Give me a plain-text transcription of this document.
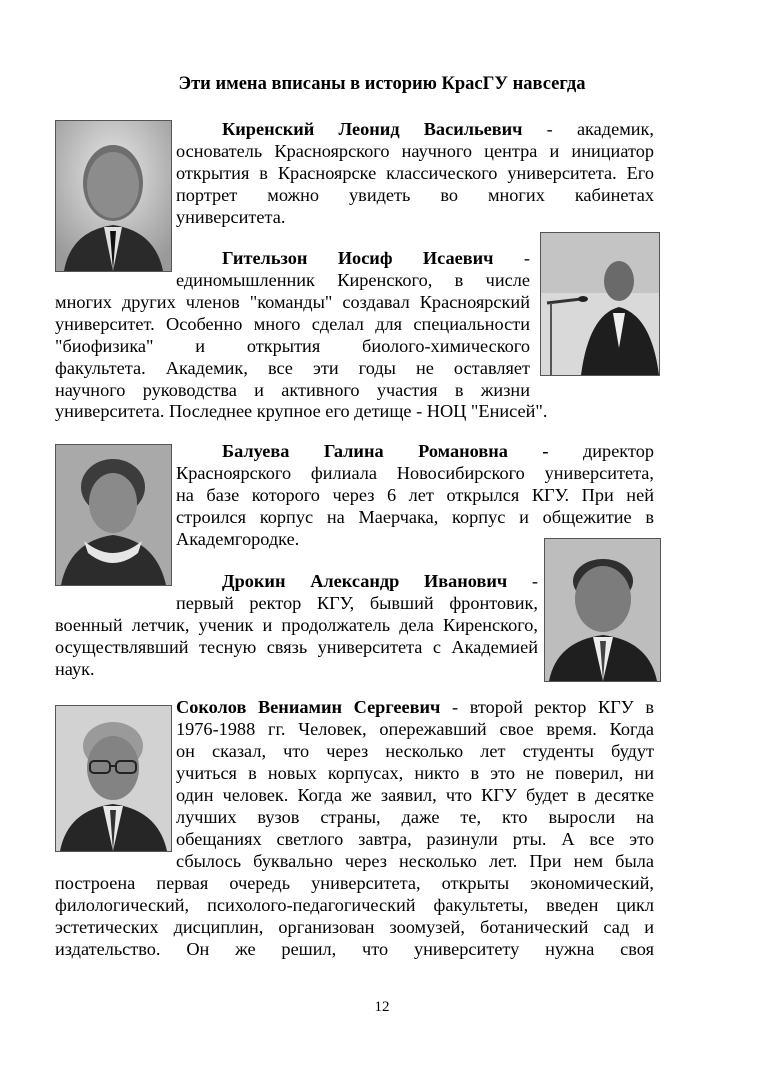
Эти имена вписаны в историю КрасГУ навсегда
Киренский Леонид Васильевич - академик,
основатель Красноярского научного центра и инициатор
открытия в Красноярске классического университета. Его
портрет можно увидеть во многих кабинетах
университета.
Гительзон Иосиф Исаевич -
единомышленник Киренского, в числе
многих других членов "команды" создавал Красноярский
университет. Особенно много сделал для специальности
"биофизика" и открытия биолого-химического
факультета. Академик, все эти годы не оставляет
научного руководства и активного участия в жизни
университета. Последнее крупное его детище - НОЦ "Енисей".
Балуева Галина Романовна - директор
Красноярского филиала Новосибирского университета,
на базе которого через 6 лет открылся КГУ. При ней
строился корпус на Маерчака, корпус и общежитие в
Академгородке.
Дрокин Александр Иванович -
первый ректор КГУ, бывший фронтовик,
военный летчик, ученик и продолжатель дела Киренского,
осуществлявший тесную связь университета с Академией
наук.
Соколов Вениамин Сергеевич - второй ректор КГУ в
1976-1988 гг. Человек, опережавший свое время. Когда
он сказал, что через несколько лет студенты будут
учиться в новых корпусах, никто в это не поверил, ни
один человек. Когда же заявил, что КГУ будет в десятке
лучших вузов страны, даже те, кто выросли на
обещаниях светлого завтра, разинули рты. А все это
сбылось буквально через несколько лет. При нем была
построена первая очередь университета, открыты экономический,
филологический, психолого-педагогический факультеты, введен цикл
эстетических дисциплин, организован зоомузей, ботанический сад и
издательство. Он же решил, что университету нужна своя
12
